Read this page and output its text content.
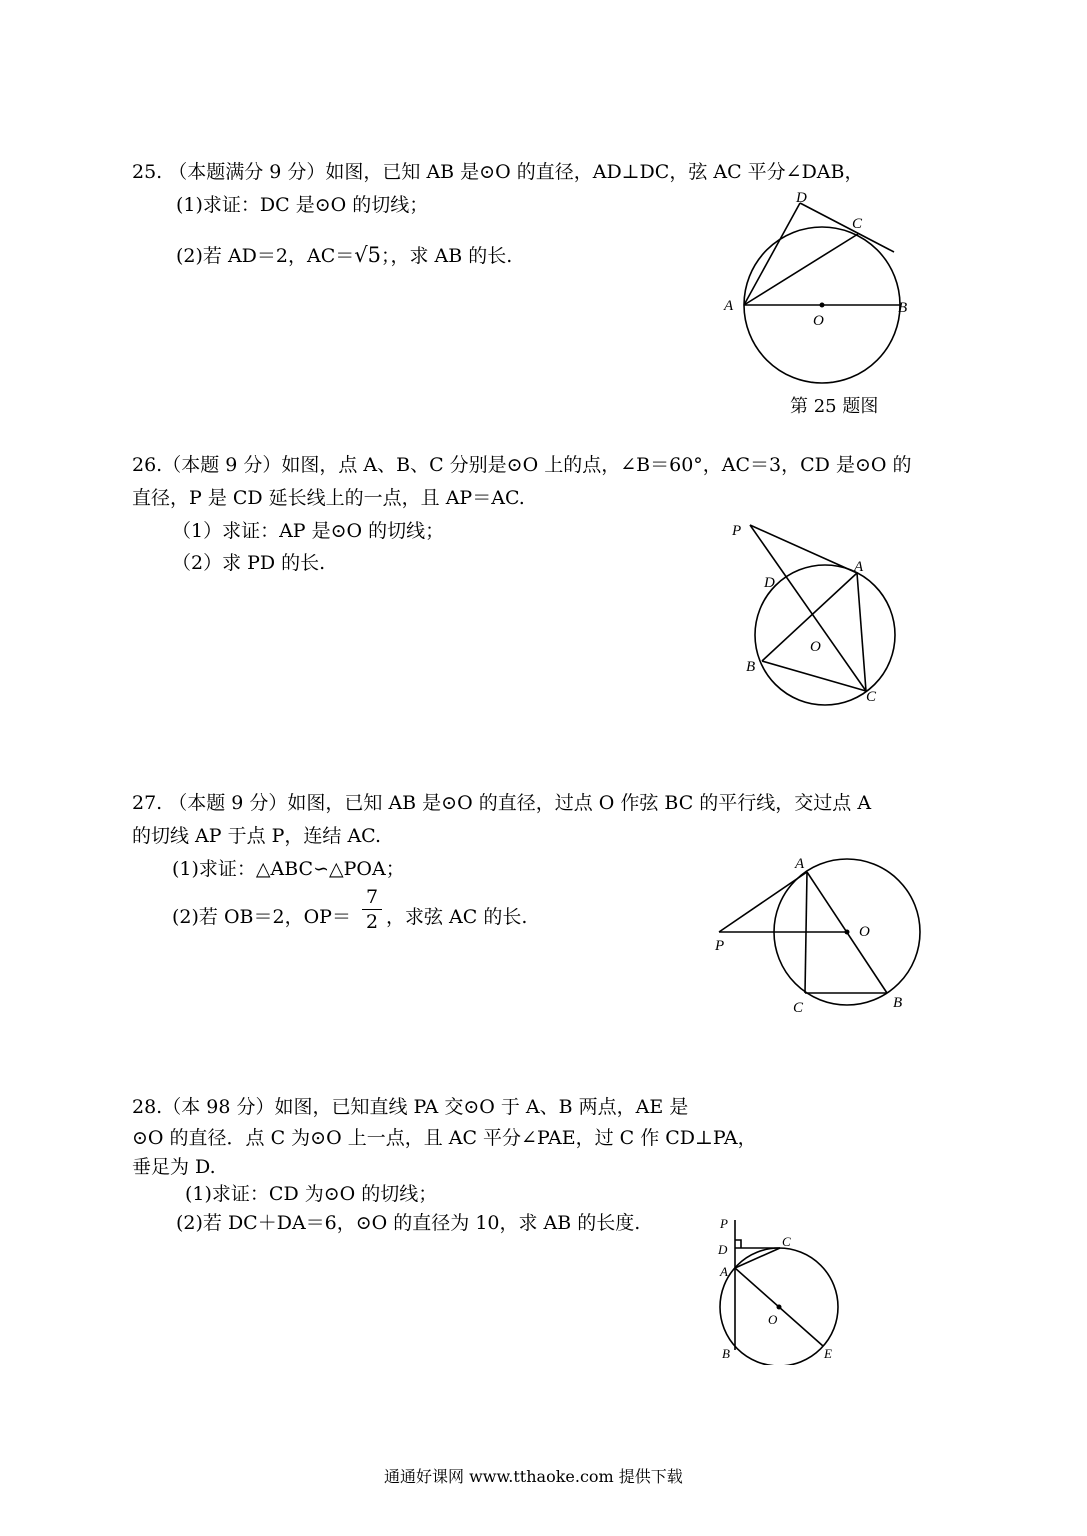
25. （本题满分 9 分）如图，已知 AB 是⊙O 的直径，AD⊥DC，弦 AC 平分∠DAB，
(1)求证：DC 是⊙O 的切线；
(2)若 AD＝2，AC＝√5；，求 AB 的长.
D
C
A
O
B
第 25 题图
26.（本题 9 分）如图，点 A、B、C 分别是⊙O 上的点，∠B＝60°，AC＝3，CD 是⊙O 的
直径，P 是 CD 延长线上的一点，且 AP＝AC.
（1）求证：AP 是⊙O 的切线；
（2）求 PD 的长.
P
D
A
O
B
C
27. （本题 9 分）如图，已知 AB 是⊙O 的直径，过点 O 作弦 BC 的平行线，交过点 A
的切线 AP 于点 P，连结 AC.
(1)求证：△ABC∽△POA；
(2)若 OB＝2，OP＝
7
2 ，求弦 AC 的长.
A
O
P
C	B
28.（本 98 分）如图，已知直线 PA 交⊙O 于 A、B 两点，AE 是
⊙O 的直径．点 C 为⊙O 上一点，且 AC 平分∠PAE，过 C 作 CD⊥PA，
垂足为 D.
(1)求证：CD 为⊙O 的切线；
(2)若 DC＋DA＝6，⊙O 的直径为 10，求 AB 的长度.	P
D
C
A
O
B	E
通通好课网 www.tthaoke.com 提供下载
